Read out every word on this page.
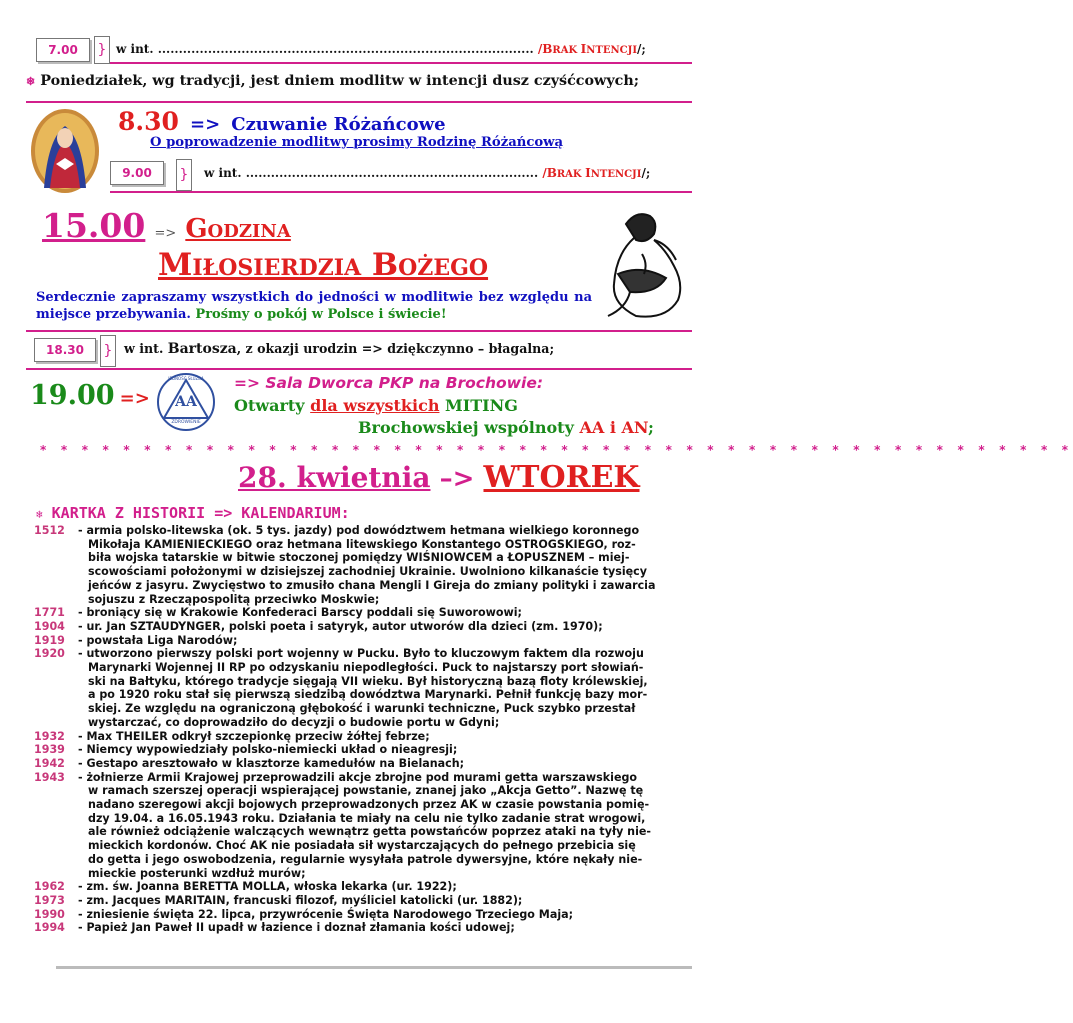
7.00	} w int. .......................................................................................... /BRAK INTENCJI/;
❄ Poniedziałek, wg tradycji, jest dniem modlitw w intencji dusz czyśćcowych;
8.30 => Czuwanie Różańcowe
O poprowadzenie modlitwy prosimy Rodzinę Różańcową
9.00	} w int. ...................................................................... /BRAK INTENCJI/;
15.00 => Godzina
Miłosierdzia Bożego
Serdecznie zapraszamy wszystkich do jedności w modlitwie bez względu na miejsce przebywania. Prośmy o pokój w Polsce i świecie!
18.30	} w int. Bartosza, z okazji urodzin => dziękczynno – błagalna;
19.00 =>	AA
JEDNOŚĆ SŁUŻBA
ZDROWIENIE
=> Sala Dworca PKP na Brochowie:
Otwarty dla wszystkich MITING
Brochowskiej wspólnoty AA i AN;
* * * * * * * * * * * * * * * * * * * * * * * * * * * * * * * * * * * * * * * * * * * * * * * * * *
28. kwietnia –> WTOREK
❄ KARTKA Z HISTORII => KALENDARIUM:
1512 - armia polsko-litewska (ok. 5 tys. jazdy) pod dowództwem hetmana wielkiego koronnego
Mikołaja KAMIENIECKIEGO oraz hetmana litewskiego Konstantego OSTROGSKIEGO, roz-
biła wojska tatarskie w bitwie stoczonej pomiędzy WIŚNIOWCEM a ŁOPUSZNEM – miej-
scowościami położonymi w dzisiejszej zachodniej Ukrainie. Uwolniono kilkanaście tysięcy
jeńców z jasyru. Zwycięstwo to zmusiło chana Mengli I Gireja do zmiany polityki i zawarcia
sojuszu z Rzecząpospolitą przeciwko Moskwie;
1771 - broniący się w Krakowie Konfederaci Barscy poddali się Suworowowi;
1904 - ur. Jan SZTAUDYNGER, polski poeta i satyryk, autor utworów dla dzieci (zm. 1970);
1919 - powstała Liga Narodów;
1920 - utworzono pierwszy polski port wojenny w Pucku. Było to kluczowym faktem dla rozwoju
Marynarki Wojennej II RP po odzyskaniu niepodległości. Puck to najstarszy port słowiań-
ski na Bałtyku, którego tradycje sięgają VII wieku. Był historyczną bazą floty królewskiej,
a po 1920 roku stał się pierwszą siedzibą dowództwa Marynarki. Pełnił funkcję bazy mor-
skiej. Ze względu na ograniczoną głębokość i warunki techniczne, Puck szybko przestał
wystarczać, co doprowadziło do decyzji o budowie portu w Gdyni;
1932 - Max THEILER odkrył szczepionkę przeciw żółtej febrze;
1939 - Niemcy wypowiedziały polsko-niemiecki układ o nieagresji;
1942 - Gestapo aresztowało w klasztorze kamedułów na Bielanach;
1943 - żołnierze Armii Krajowej przeprowadzili akcje zbrojne pod murami getta warszawskiego
w ramach szerszej operacji wspierającej powstanie, znanej jako „Akcja Getto”. Nazwę tę
nadano szeregowi akcji bojowych przeprowadzonych przez AK w czasie powstania pomię-
dzy 19.04. a 16.05.1943 roku. Działania te miały na celu nie tylko zadanie strat wrogowi,
ale również odciążenie walczących wewnątrz getta powstańców poprzez ataki na tyły nie-
mieckich kordonów. Choć AK nie posiadała sił wystarczających do pełnego przebicia się
do getta i jego oswobodzenia, regularnie wysyłała patrole dywersyjne, które nękały nie-
mieckie posterunki wzdłuż murów;
1962 - zm. św. Joanna BERETTA MOLLA, włoska lekarka (ur. 1922);
1973 - zm. Jacques MARITAIN, francuski filozof, myśliciel katolicki (ur. 1882);
1990 - zniesienie święta 22. lipca, przywrócenie Święta Narodowego Trzeciego Maja;
1994 - Papież Jan Paweł II upadł w łazience i doznał złamania kości udowej;
